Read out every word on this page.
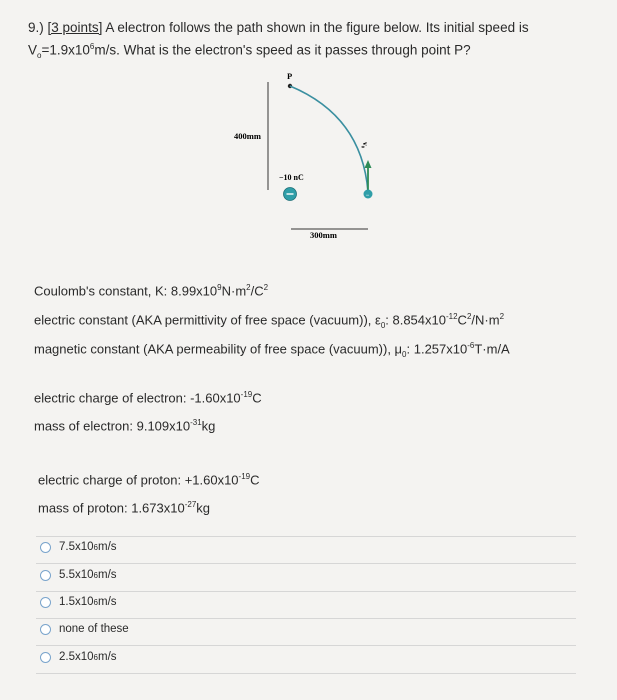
9.) [3 points] A electron follows the path shown in the figure below. Its initial speed is
$V_o=1.9x10^6m/s$. What is the electron's speed as it passes through point P?
400mm
P
v₀
−
−10 nC
300mm
Coulomb's constant, K: $8.99x10^9N\cdot m^2/C^2$
electric constant (AKA permittivity of free space (vacuum)), $\varepsilon_0$: $8.854x10^{-12}C^2/N\cdot m^2$
magnetic constant (AKA permeability of free space (vacuum)), $\mu_0$: $1.257x10^{-6}T\cdot m/A$
electric charge of electron: $-1.60x10^{-19}C$
mass of electron: $9.109x10^{-31}kg$
electric charge of proton: $+1.60x10^{-19}C$
mass of proton: $1.673x10^{-27}kg$
7.5x10 6 m/s
5.5x10 6 m/s
1.5x10 6 m/s
none of these
2.5x10 6 m/s
